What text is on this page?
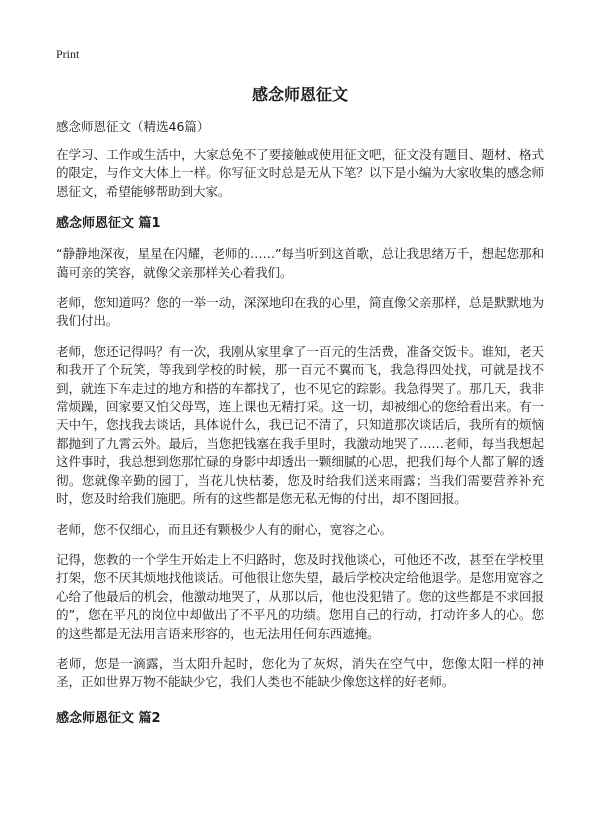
Print
感念师恩征文
感念师恩征文（精选46篇）

在学习、工作或生活中，大家总免不了要接触或使用征文吧，征文没有题目、题材、格式的限定，与作文大体上一样。你写征文时总是无从下笔？以下是小编为大家收集的感念师恩征文，希望能够帮助到大家。

感念师恩征文 篇1

“静静地深夜，星星在闪耀，老师的……”每当听到这首歌，总让我思绪万千，想起您那和蔼可亲的笑容，就像父亲那样关心着我们。

老师，您知道吗？您的一举一动，深深地印在我的心里，简直像父亲那样，总是默默地为我们付出。

老师，您还记得吗？有一次，我刚从家里拿了一百元的生活费，准备交饭卡。谁知，老天和我开了个玩笑，等我到学校的时候，那一百元不翼而飞，我急得四处找，可就是找不到，就连下车走过的地方和搭的车都找了，也不见它的踪影。我急得哭了。那几天，我非常烦躁，回家要又怕父母骂，连上课也无精打采。这一切，却被细心的您给看出来。有一天中午，您找我去谈话，具体说什么，我已记不清了，只知道那次谈话后，我所有的烦恼都抛到了九霄云外。最后，当您把钱塞在我手里时，我激动地哭了……老师，每当我想起这件事时，我总想到您那忙碌的身影中却透出一颗细腻的心思，把我们每个人都了解的透彻。您就像辛勤的园丁，当花儿快枯萎，您及时给我们送来雨露；当我们需要营养补充时，您及时给我们施肥。所有的这些都是您无私无悔的付出，却不图回报。

老师，您不仅细心，而且还有颗极少人有的耐心，宽容之心。

记得，您教的一个学生开始走上不归路时，您及时找他谈心，可他还不改，甚至在学校里打架，您不厌其烦地找他谈话。可他很让您失望，最后学校决定给他退学。是您用宽容之心给了他最后的机会，他激动地哭了，从那以后，他也没犯错了。您的这些都是不求回报的”，您在平凡的岗位中却做出了不平凡的功绩。您用自己的行动，打动许多人的心。您的这些都是无法用言语来形容的，也无法用任何东西遮掩。

老师，您是一滴露，当太阳升起时，您化为了灰烬，消失在空气中，您像太阳一样的神圣，正如世界万物不能缺少它，我们人类也不能缺少像您这样的好老师。

感念师恩征文 篇2
